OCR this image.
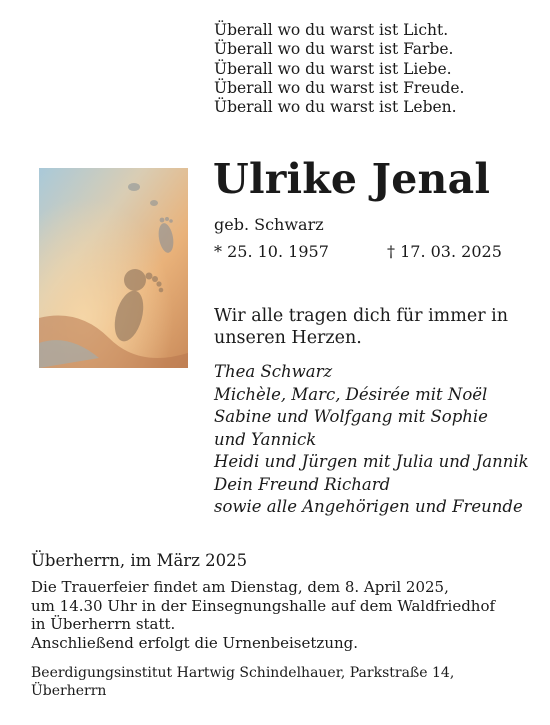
Überall wo du warst ist Licht.
Überall wo du warst ist Farbe.
Überall wo du warst ist Liebe.
Überall wo du warst ist Freude.
Überall wo du warst ist Leben.
Ulrike Jenal
geb. Schwarz
* 25. 10. 1957	† 17. 03. 2025
Wir alle tragen dich für immer in unseren Herzen.
Thea Schwarz
Michèle, Marc, Désirée mit Noël
Sabine und Wolfgang mit Sophie
und Yannick
Heidi und Jürgen mit Julia und Jannik
Dein Freund Richard
sowie alle Angehörigen und Freunde
Überherrn, im März 2025
Die Trauerfeier findet am Dienstag, dem 8. April 2025,
um 14.30 Uhr in der Einsegnungshalle auf dem Waldfriedhof
in Überherrn statt.
Anschließend erfolgt die Urnenbeisetzung.
Beerdigungsinstitut Hartwig Schindelhauer, Parkstraße 14,
Überherrn
